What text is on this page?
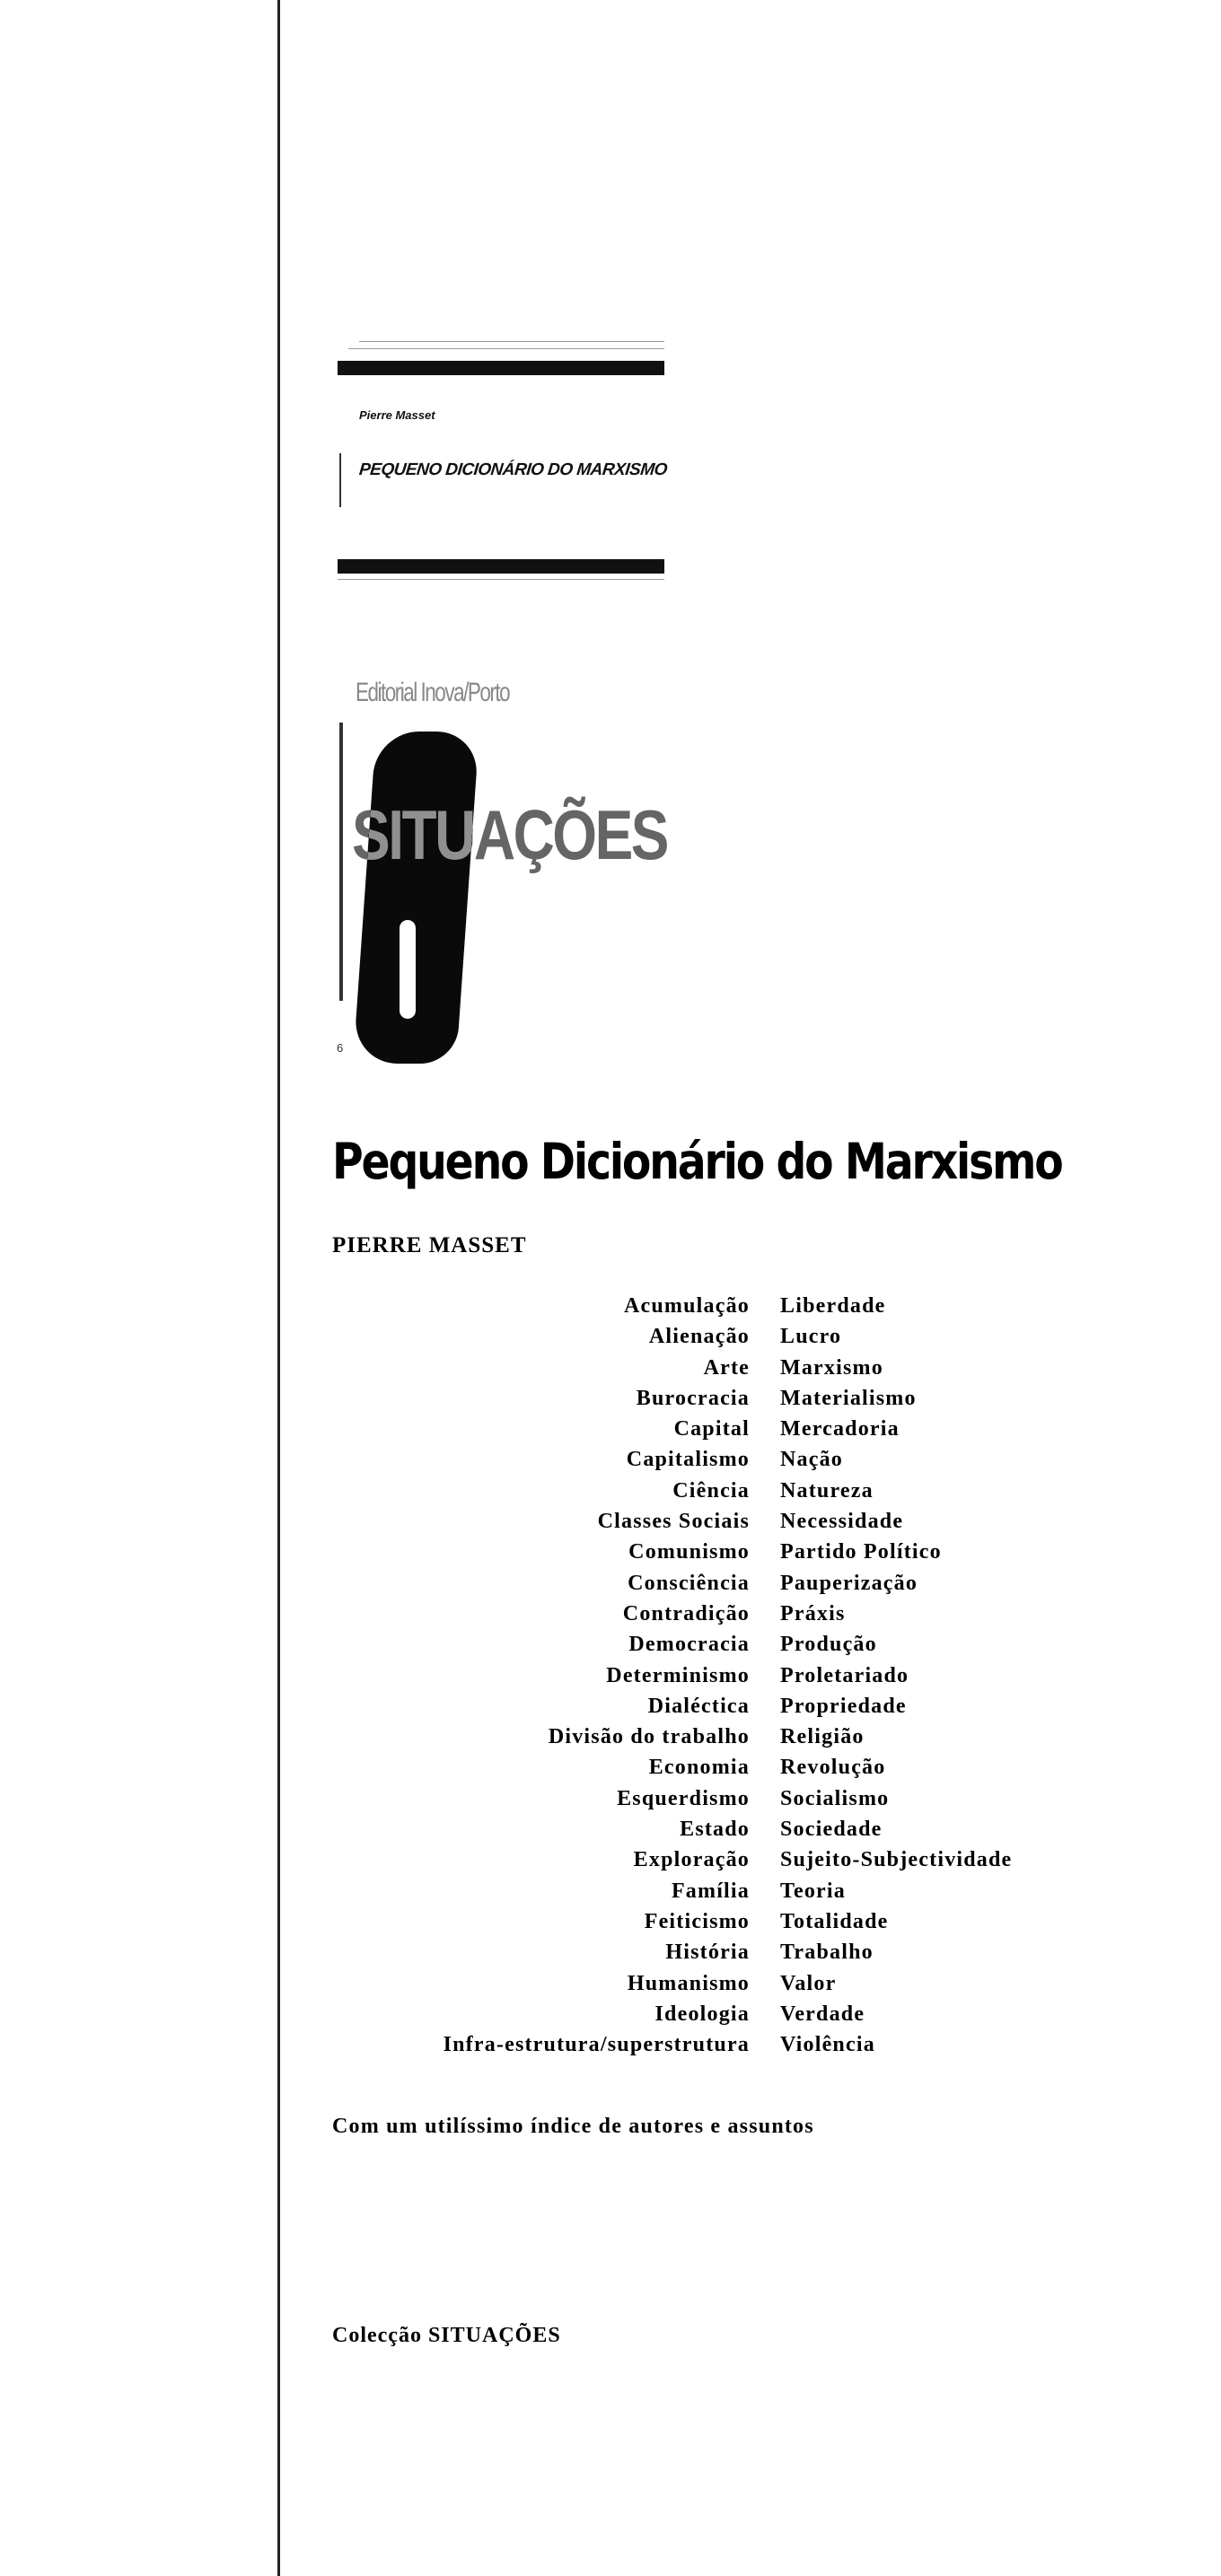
Pierre Masset
PEQUENO DICIONÁRIO DO MARXISMO
Editorial Inova/Porto
SITUAÇÕES
6
Pequeno Dicionário do Marxismo
PIERRE MASSET
Acumulação
Alienação
Arte
Burocracia
Capital
Capitalismo
Ciência
Classes Sociais
Comunismo
Consciência
Contradição
Democracia
Determinismo
Dialéctica
Divisão do trabalho
Economia
Esquerdismo
Estado
Exploração
Família
Feiticismo
História
Humanismo
Ideologia
Infra-estrutura/superstrutura
Liberdade
Lucro
Marxismo
Materialismo
Mercadoria
Nação
Natureza
Necessidade
Partido Político
Pauperização
Práxis
Produção
Proletariado
Propriedade
Religião
Revolução
Socialismo
Sociedade
Sujeito-Subjectividade
Teoria
Totalidade
Trabalho
Valor
Verdade
Violência
Com um utilíssimo índice de autores e assuntos
Colecção SITUAÇÕES
